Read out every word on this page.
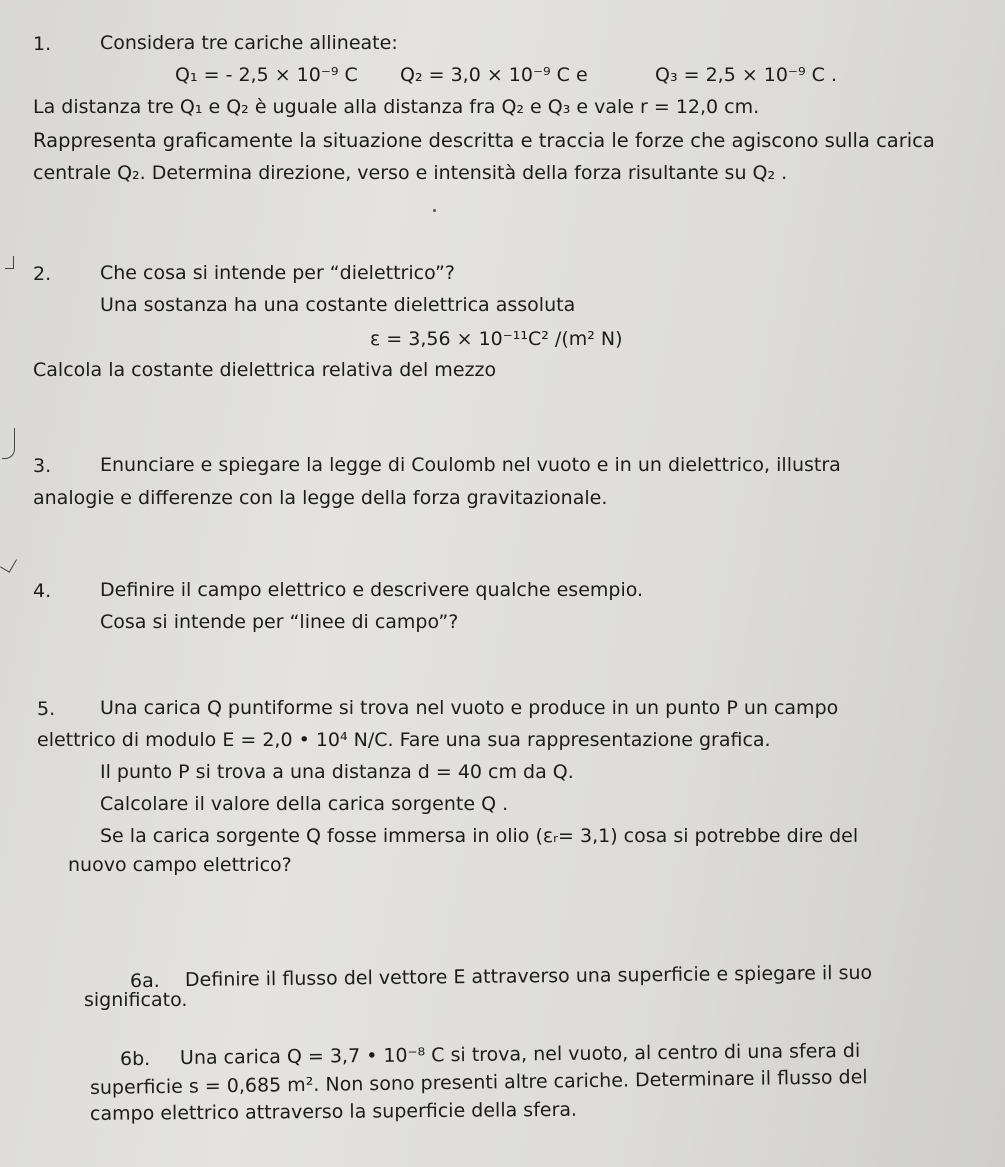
1.	Considera tre cariche allineate:
Q₁ = - 2,5 × 10⁻⁹ C Q₂ = 3,0 × 10⁻⁹ C e	Q₃ = 2,5 × 10⁻⁹ C .
La distanza tre Q₁ e Q₂ è uguale alla distanza fra Q₂ e Q₃ e vale r = 12,0 cm.
Rappresenta graficamente la situazione descritta e traccia le forze che agiscono sulla carica
centrale Q₂. Determina direzione, verso e intensità della forza risultante su Q₂ .
2.	Che cosa si intende per “dielettrico”?
Una sostanza ha una costante dielettrica assoluta
ε = 3,56 × 10⁻¹¹C² /(m² N)
Calcola la costante dielettrica relativa del mezzo
3.	Enunciare e spiegare la legge di Coulomb nel vuoto e in un dielettrico, illustra
analogie e differenze con la legge della forza gravitazionale.
4.	Definire il campo elettrico e descrivere qualche esempio.
Cosa si intende per “linee di campo”?
5. Una carica Q puntiforme si trova nel vuoto e produce in un punto P un campo
elettrico di modulo E = 2,0 • 10⁴ N/C. Fare una sua rappresentazione grafica.
Il punto P si trova a una distanza d = 40 cm da Q.
Calcolare il valore della carica sorgente Q .
Se la carica sorgente Q fosse immersa in olio (εᵣ= 3,1) cosa si potrebbe dire del
nuovo campo elettrico?
6a. Definire il flusso del vettore E attraverso una superficie e spiegare il suo
significato.
6b. Una carica Q = 3,7 • 10⁻⁸ C si trova, nel vuoto, al centro di una sfera di
superficie s = 0,685 m². Non sono presenti altre cariche. Determinare il flusso del
campo elettrico attraverso la superficie della sfera.
